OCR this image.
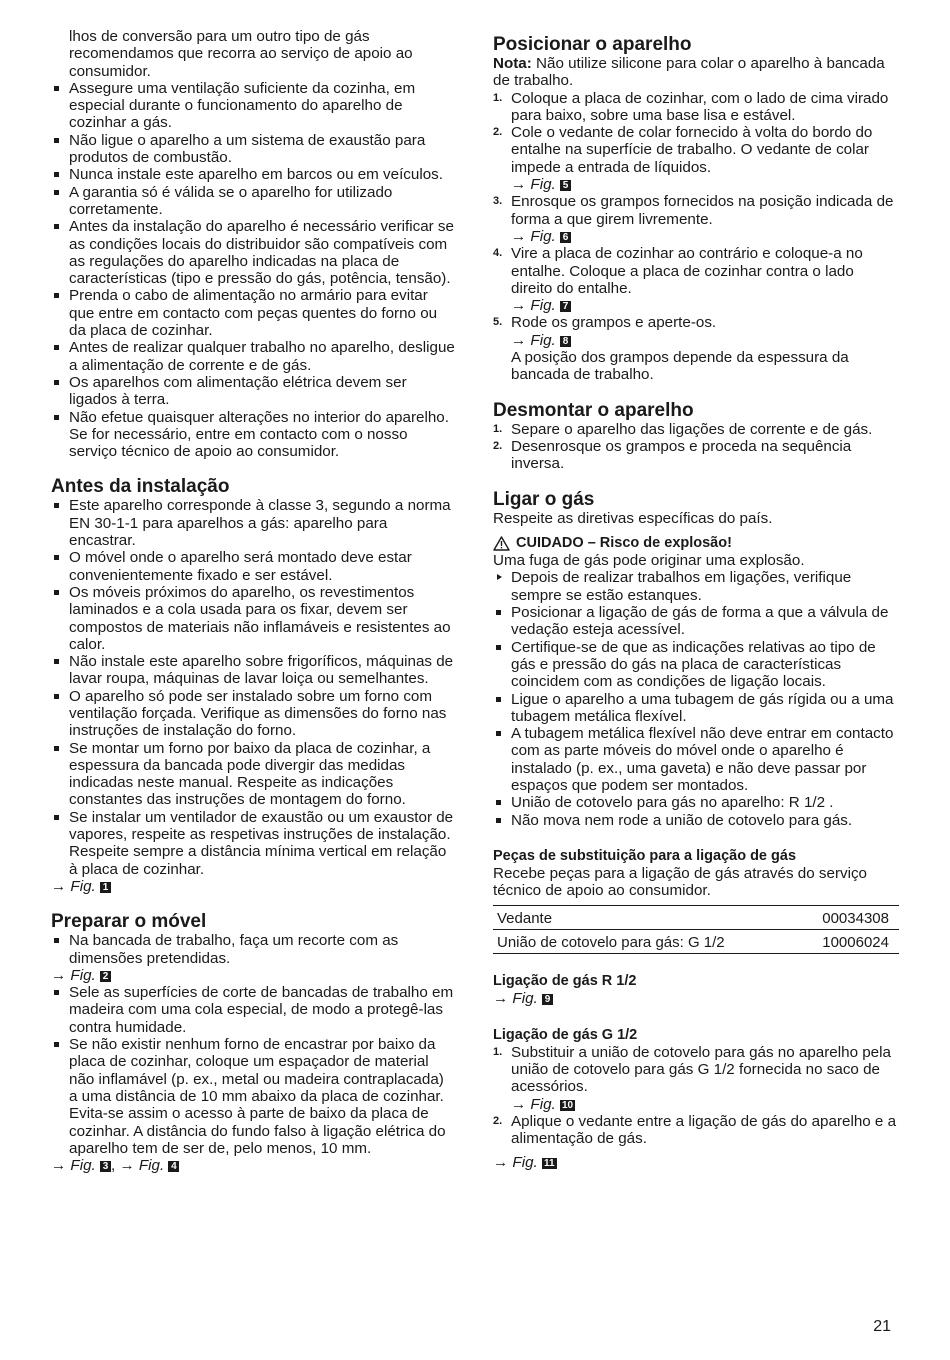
lhos de conversão para um outro tipo de gás recomendamos que recorra ao serviço de apoio ao consumidor.

Assegure uma ventilação suficiente da cozinha, em especial durante o funcionamento do aparelho de cozinhar a gás.

Não ligue o aparelho a um sistema de exaustão para produtos de combustão.

Nunca instale este aparelho em barcos ou em veículos.

A garantia só é válida se o aparelho for utilizado corretamente.

Antes da instalação do aparelho é necessário verificar se as condições locais do distribuidor são compatíveis com as regulações do aparelho indicadas na placa de características (tipo e pressão do gás, potência, tensão).

Prenda o cabo de alimentação no armário para evitar que entre em contacto com peças quentes do forno ou da placa de cozinhar.

Antes de realizar qualquer trabalho no aparelho, desligue a alimentação de corrente e de gás.

Os aparelhos com alimentação elétrica devem ser ligados à terra.

Não efetue quaisquer alterações no interior do aparelho. Se for necessário, entre em contacto com o nosso serviço técnico de apoio ao consumidor.

Antes da instalação

Este aparelho corresponde à classe 3, segundo a norma EN 30-1-1 para aparelhos a gás: aparelho para encastrar.

O móvel onde o aparelho será montado deve estar convenientemente fixado e ser estável.

Os móveis próximos do aparelho, os revestimentos laminados e a cola usada para os fixar, devem ser compostos de materiais não inflamáveis e resistentes ao calor.

Não instale este aparelho sobre frigoríficos, máquinas de lavar roupa, máquinas de lavar loiça ou semelhantes.

O aparelho só pode ser instalado sobre um forno com ventilação forçada. Verifique as dimensões do forno nas instruções de instalação do forno.

Se montar um forno por baixo da placa de cozinhar, a espessura da bancada pode divergir das medidas indicadas neste manual. Respeite as indicações constantes das instruções de montagem do forno.

Se instalar um ventilador de exaustão ou um exaustor de vapores, respeite as respetivas instruções de instalação. Respeite sempre a distância mínima vertical em relação à placa de cozinhar.

→ Fig. 1

Preparar o móvel

Na bancada de trabalho, faça um recorte com as dimensões pretendidas.

→ Fig. 2

Sele as superfícies de corte de bancadas de trabalho em madeira com uma cola especial, de modo a protegê-las contra humidade.

Se não existir nenhum forno de encastrar por baixo da placa de cozinhar, coloque um espaçador de material não inflamável (p. ex., metal ou madeira contraplacada) a uma distância de 10 mm abaixo da placa de cozinhar. Evita-se assim o acesso à parte de baixo da placa de cozinhar. A distância do fundo falso à ligação elétrica do aparelho tem de ser de, pelo menos, 10 mm.

→ Fig. 3 , → Fig. 4

Posicionar o aparelho

Nota: Não utilize silicone para colar o aparelho à bancada de trabalho.

1. Coloque a placa de cozinhar, com o lado de cima virado para baixo, sobre uma base lisa e estável.
2. Cole o vedante de colar fornecido à volta do bordo do entalhe na superfície de trabalho. O vedante de colar impede a entrada de líquidos.
→ Fig. 5
3. Enrosque os grampos fornecidos na posição indicada de forma a que girem livremente.
→ Fig. 6
4. Vire a placa de cozinhar ao contrário e coloque-a no entalhe. Coloque a placa de cozinhar contra o lado direito do entalhe.
→ Fig. 7
5. Rode os grampos e aperte-os.
→ Fig. 8
A posição dos grampos depende da espessura da bancada de trabalho.
Desmontar o aparelho
1. Separe o aparelho das ligações de corrente e de gás.
2. Desenrosque os grampos e proceda na sequência inversa.
Ligar o gás

Respeite as diretivas específicas do país.

CUIDADO – Risco de explosão!

Uma fuga de gás pode originar uma explosão.

Depois de realizar trabalhos em ligações, verifique sempre se estão estanques.

Posicionar a ligação de gás de forma a que a válvula de vedação esteja acessível.

Certifique-se de que as indicações relativas ao tipo de gás e pressão do gás na placa de características coincidem com as condições de ligação locais.

Ligue o aparelho a uma tubagem de gás rígida ou a uma tubagem metálica flexível.

A tubagem metálica flexível não deve entrar em contacto com as parte móveis do móvel onde o aparelho é instalado (p. ex., uma gaveta) e não deve passar por espaços que podem ser montados.

União de cotovelo para gás no aparelho: R 1/2 .

Não mova nem rode a união de cotovelo para gás.

Peças de substituição para a ligação de gás

Recebe peças para a ligação de gás através do serviço técnico de apoio ao consumidor.

Vedante	00034308
União de cotovelo para gás: G 1/2	10006024
Ligação de gás R 1/2

→ Fig. 9

Ligação de gás G 1/2
1. Substituir a união de cotovelo para gás no aparelho pela união de cotovelo para gás G 1/2 fornecida no saco de acessórios.
→ Fig. 10
2. Aplique o vedante entre a ligação de gás do aparelho e a alimentação de gás.

→ Fig. 11

21
